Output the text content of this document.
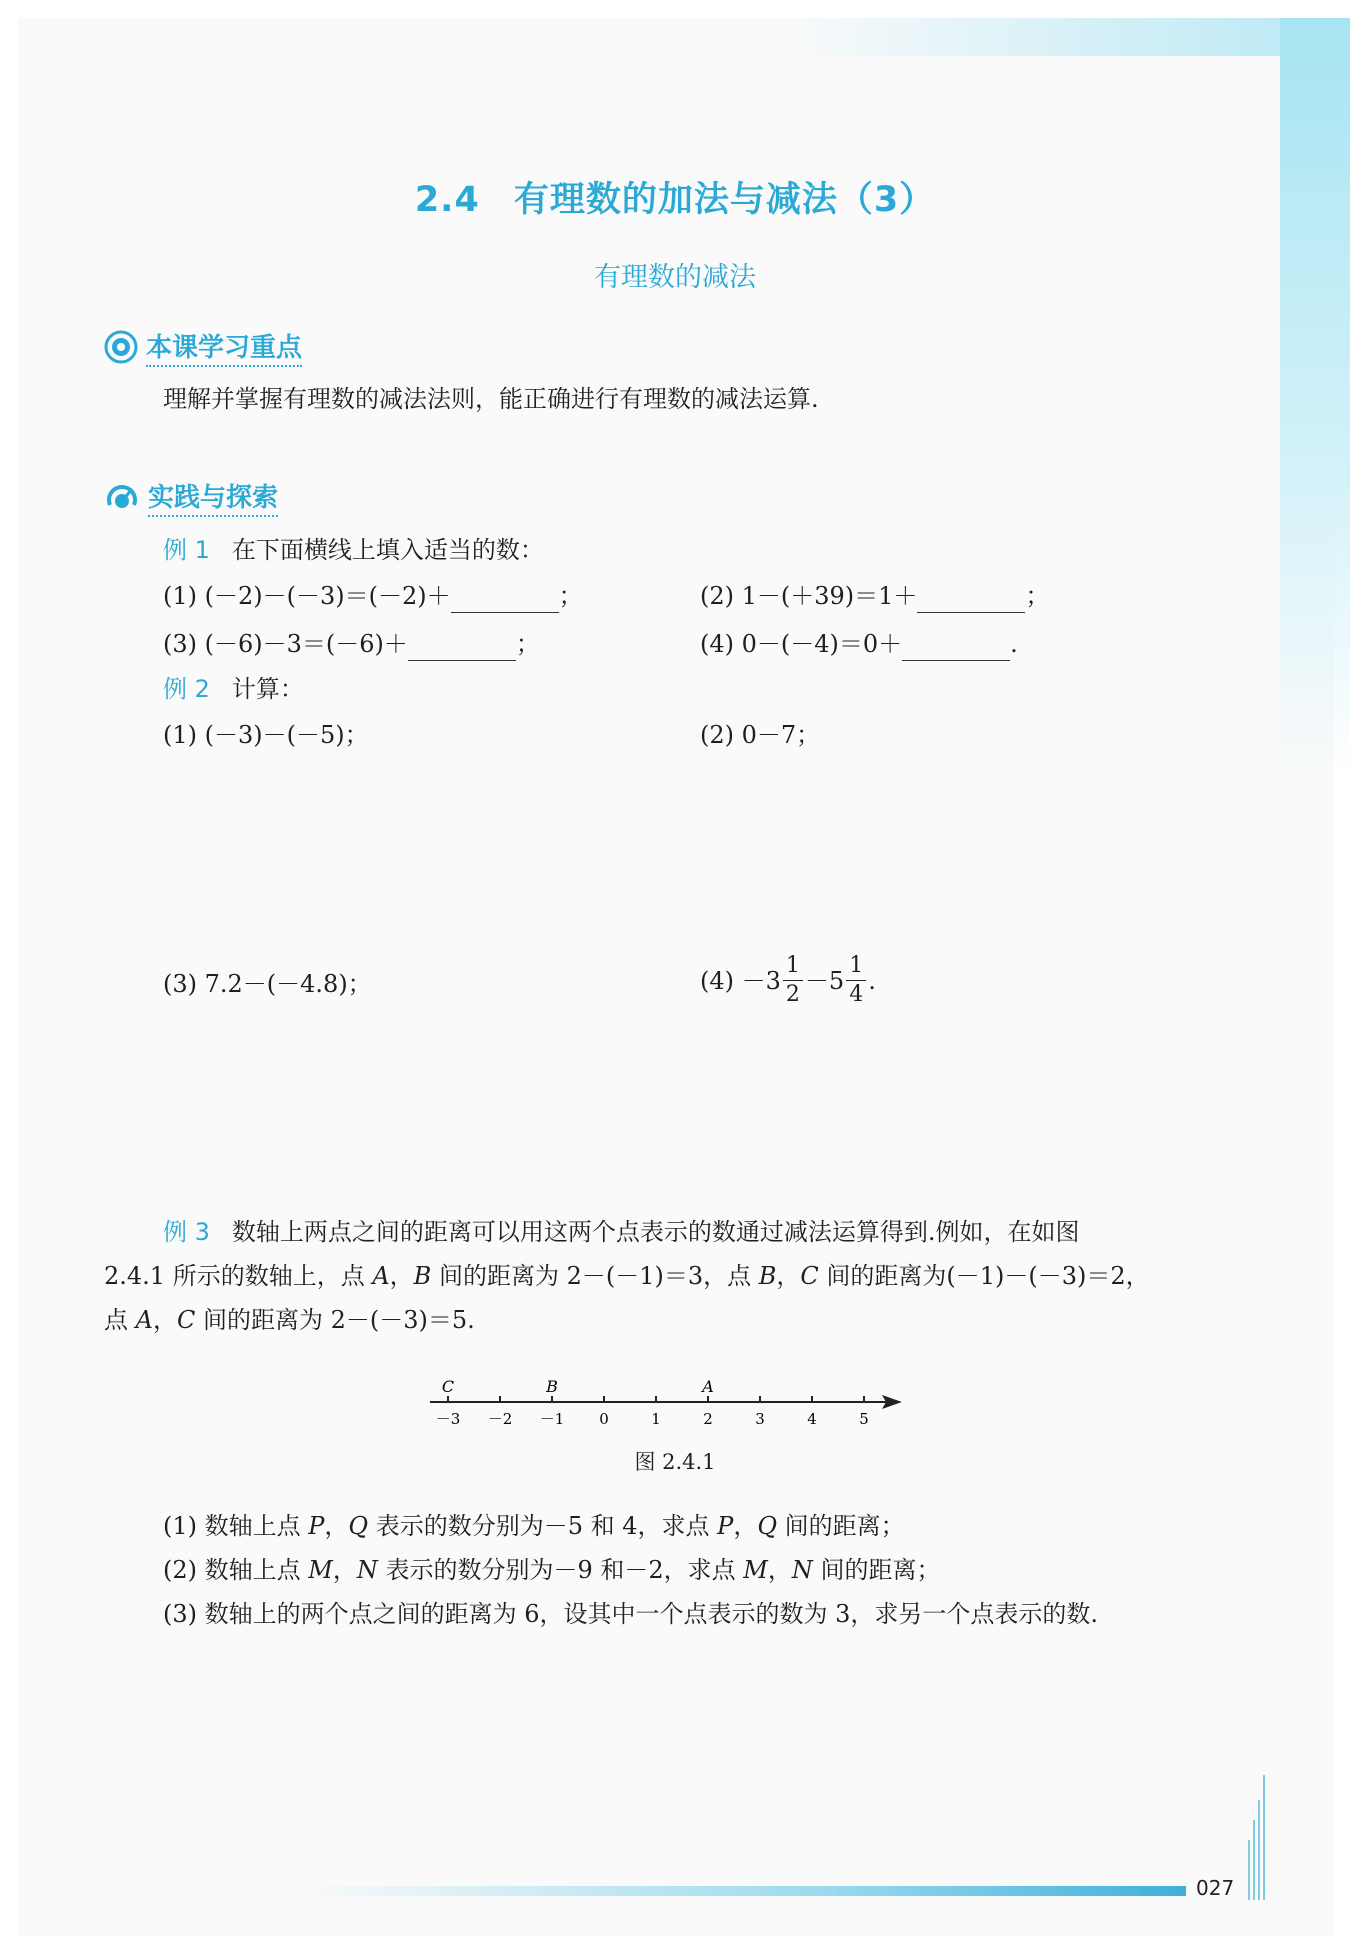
2.4 有理数的加法与减法（3）
有理数的减法
本课学习重点
理解并掌握有理数的减法法则，能正确进行有理数的减法运算.
实践与探索
例 1 在下面横线上填入适当的数：
(1) (－2)－(－3)＝(－2)＋	；	(2) 1－(＋39)＝1＋	；
(3) (－6)－3＝(－6)＋	；	(4) 0－(－4)＝0＋	.
例 2 计算：
(1) (－3)－(－5)；	(2) 0－7；
(3) 7.2－(－4.8)；	$(4) -3 \frac{1}{2} -5 \frac{1}{4}$ .

例 3 数轴上两点之间的距离可以用这两个点表示的数通过减法运算得到.例如，在如图

2.4.1 所示的数轴上，点 A，B 间的距离为 2－(－1)＝3，点 B，C 间的距离为(－1)－(－3)＝2，

点 A，C 间的距离为 2－(－3)＝5.

－3 －2 －1 0	1	2	3	4	5
C	B	A
图 2.4.1
(1) 数轴上点 P，Q 表示的数分别为－5 和 4，求点 P，Q 间的距离；
(2) 数轴上点 M，N 表示的数分别为－9 和－2，求点 M，N 间的距离；
(3) 数轴上的两个点之间的距离为 6，设其中一个点表示的数为 3，求另一个点表示的数.
027
